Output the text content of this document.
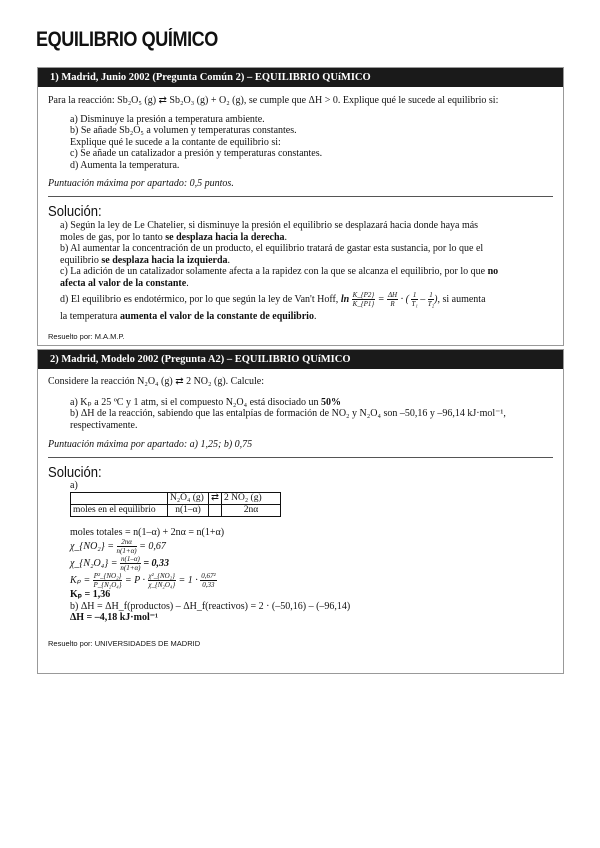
EQUILIBRIO QUÍMICO
1) Madrid, Junio 2002 (Pregunta Común 2) – EQUILIBRIO QUíMICO
Para la reacción: Sb₂O₅ (g) ⇄ Sb₂O₃ (g) + O₂ (g), se cumple que ΔH > 0. Explique qué le sucede al equilibrio si:
a) Disminuye la presión a temperatura ambiente.
b) Se añade Sb₂O₅ a volumen y temperaturas constantes.
Explique qué le sucede a la contante de equilibrio si:
c) Se añade un catalizador a presión y temperaturas constantes.
d) Aumenta la temperatura.
Puntuación máxima por apartado: 0,5 puntos.
Solución:
a) Según la ley de Le Chatelier, si disminuye la presión el equilibrio se desplazará hacia donde haya más
moles de gas, por lo tanto se desplaza hacia la derecha.
b) Al aumentar la concentración de un producto, el equilibrio tratará de gastar esta sustancia, por lo que el
equilibrio se desplaza hacia la izquierda.
c) La adición de un catalizador solamente afecta a la rapidez con la que se alcanza el equilibrio, por lo que no
afecta al valor de la constante.
d) El equilibrio es endotérmico, por lo que según la ley de Van't Hoff, $\ln \frac{K\_\{P2\}}{K\_\{P1\}} = \frac{\Delta H}{R}$ · ( $\frac{1}{\text{T₁}} - \frac{1}{\text{T₂}}$ ), si aumenta
la temperatura aumenta el valor de la constante de equilibrio.
Resuelto por: M.A.M.P.
2) Madrid, Modelo 2002 (Pregunta A2) – EQUILIBRIO QUíMICO
Considere la reacción N₂O₄ (g) ⇄ 2 NO₂ (g). Calcule:
a) Kₚ a 25 ºC y 1 atm, si el compuesto N₂O₄ está disociado un 50%
b) ΔH de la reacción, sabiendo que las entalpías de formación de NO₂ y N₂O₄ son –50,16 y –96,14 kJ·mol⁻¹,
respectivamente.
Puntuación máxima por apartado: a) 1,25; b) 0,75
Solución:
a)
	N₂O₄ (g)	⇄	2 NO₂ (g)
moles en el equilibrio	n(1–α)		2nα
moles totales = n(1–α) + 2nα = n(1+α)
χ_{NO₂} = $\frac{2n\alpha}{n(1+\alpha)} = 0,67$
χ_{N₂O₄} = $\frac{n(1-\alpha)}{n(1+\alpha)} = 0,33$
$K_p = \frac{\text{P²\_\{NO₂\}}}{\text{P\_\{N₂O₄\}}} = P \cdot \frac{\text{χ²\_\{NO₂\}}}{\text{χ\_\{N₂O₄\}}} = 1 \cdot \frac{\text{0,67²}}{0,33}$
Kₚ = 1,36
b) ΔH = ΔH_f(productos) – ΔH_f(reactivos) = 2 · (–50,16) – (–96,14)
ΔH = –4,18 kJ·mol⁻¹
Resuelto por: UNIVERSIDADES DE MADRID
